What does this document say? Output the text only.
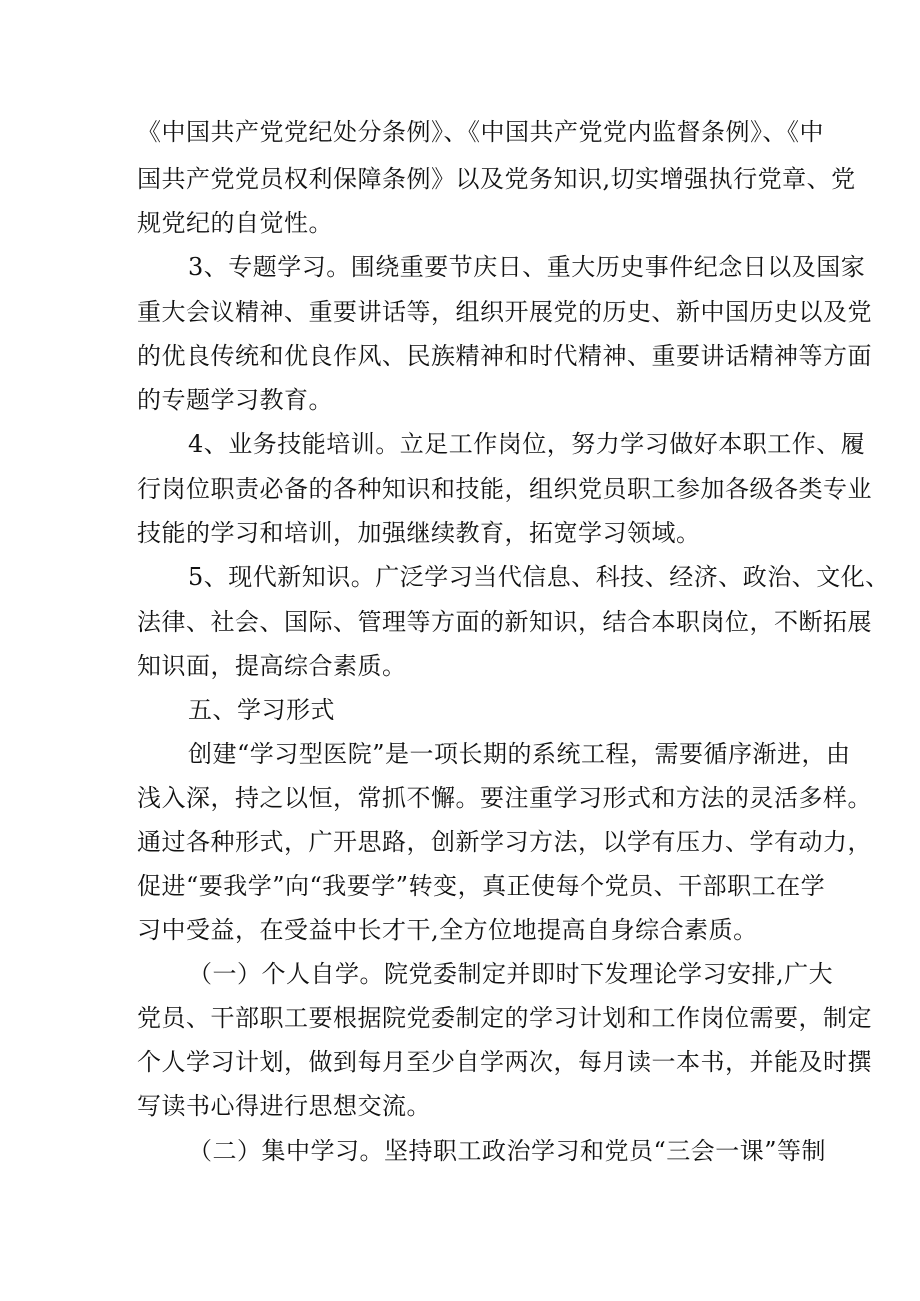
《中国共产党党纪处分条例》、《中国共产党党内监督条例》、《中
国共产党党员权利保障条例》以及党务知识,切实增强执行党章、党
规党纪的自觉性。
3、专题学习。围绕重要节庆日、重大历史事件纪念日以及国家
重大会议精神、重要讲话等，组织开展党的历史、新中国历史以及党
的优良传统和优良作风、民族精神和时代精神、重要讲话精神等方面
的专题学习教育。
4、业务技能培训。立足工作岗位，努力学习做好本职工作、履
行岗位职责必备的各种知识和技能，组织党员职工参加各级各类专业
技能的学习和培训，加强继续教育，拓宽学习领域。
5、现代新知识。广泛学习当代信息、科技、经济、政治、文化、
法律、社会、国际、管理等方面的新知识，结合本职岗位，不断拓展
知识面，提高综合素质。
五、学习形式
创建“学习型医院”是一项长期的系统工程，需要循序渐进，由
浅入深，持之以恒，常抓不懈。要注重学习形式和方法的灵活多样。
通过各种形式，广开思路，创新学习方法，以学有压力、学有动力，
促进“要我学”向“我要学”转变，真正使每个党员、干部职工在学
习中受益，在受益中长才干,全方位地提高自身综合素质。
（一）个人自学。院党委制定并即时下发理论学习安排,广大
党员、干部职工要根据院党委制定的学习计划和工作岗位需要，制定
个人学习计划，做到每月至少自学两次，每月读一本书，并能及时撰
写读书心得进行思想交流。
（二）集中学习。坚持职工政治学习和党员“三会一课”等制
